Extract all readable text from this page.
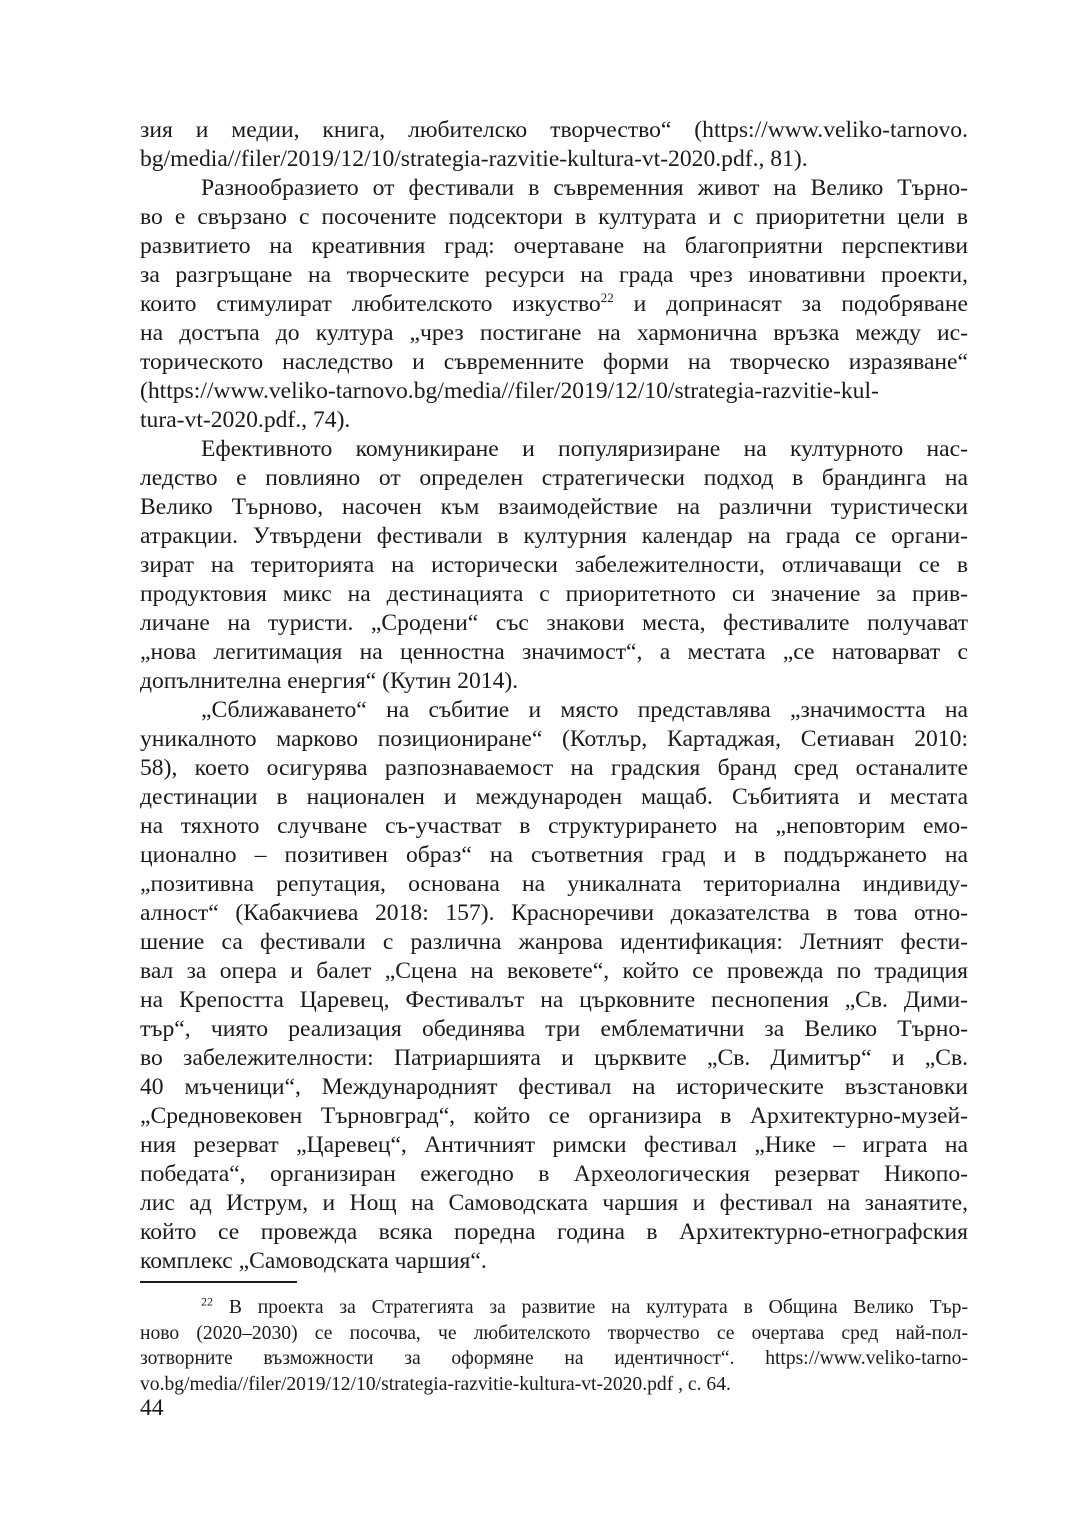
зия и медии, книга, любителско творчество“ (https://www.veliko-tarnovo.
bg/media//filer/2019/12/10/strategia-razvitie-kultura-vt-2020.pdf., 81).
Разнообразието от фестивали в съвременния живот на Велико Търно-
во е свързано с посочените подсектори в културата и с приоритетни цели в
развитието на креативния град: очертаване на благоприятни перспективи
за разгръщане на творческите ресурси на града чрез иновативни проекти,
които стимулират любителското изкуство$^{22}$ и допринасят за подобряване
на достъпа до култура „чрез постигане на хармонична връзка между ис-
торическото наследство и съвременните форми на творческо изразяване“
(https://www.veliko-tarnovo.bg/media//filer/2019/12/10/strategia-razvitie-kul-
tura-vt-2020.pdf., 74).
Ефективното комуникиране и популяризиране на културното нас-
ледство е повлияно от определен стратегически подход в брандинга на
Велико Търново, насочен към взаимодействие на различни туристически
атракции. Утвърдени фестивали в културния календар на града се органи-
зират на територията на исторически забележителности, отличаващи се в
продуктовия микс на дестинацията с приоритетното си значение за прив-
личане на туристи. „Сродени“ със знакови места, фестивалите получават
„нова легитимация на ценностна значимост“, а местата „се натоварват с
допълнителна енергия“ (Кутин 2014).
„Сближаването“ на събитие и място представлява „значимостта на
уникалното марково позициониране“ (Котлър, Картаджая, Сетиаван 2010:
58), което осигурява разпознаваемост на градския бранд сред останалите
дестинации в национален и международен мащаб. Събитията и местата
на тяхното случване съ-участват в структурирането на „неповторим емо-
ционално – позитивен образ“ на съответния град и в поддържането на
„позитивна репутация, основана на уникалната териториална индивиду-
алност“ (Кабакчиева 2018: 157). Красноречиви доказателства в това отно-
шение са фестивали с различна жанрова идентификация: Летният фести-
вал за опера и балет „Сцена на вековете“, който се провежда по традиция
на Крепостта Царевец, Фестивалът на църковните песнопения „Св. Дими-
тър“, чиято реализация обединява три емблематични за Велико Търно-
во забележителности: Патриаршията и църквите „Св. Димитър“ и „Св.
40 мъченици“, Международният фестивал на историческите възстановки
„Средновековен Търновград“, който се организира в Архитектурно-музей-
ния резерват „Царевец“, Античният римски фестивал „Нике – играта на
победата“, организиран ежегодно в Археологическия резерват Никопо-
лис ад Иструм, и Нощ на Самоводската чаршия и фестивал на занаятите,
който се провежда всяка поредна година в Архитектурно-етнографския
комплекс „Самоводската чаршия“.
$^{22}$ В проекта за Стратегията за развитие на културата в Община Велико Тър-
ново (2020–2030) се посочва, че любителското творчество се очертава сред най-пол-
зотворните възможности за оформяне на идентичност“. https://www.veliko-tarno-
vo.bg/media//filer/2019/12/10/strategia-razvitie-kultura-vt-2020.pdf , с. 64.
44
